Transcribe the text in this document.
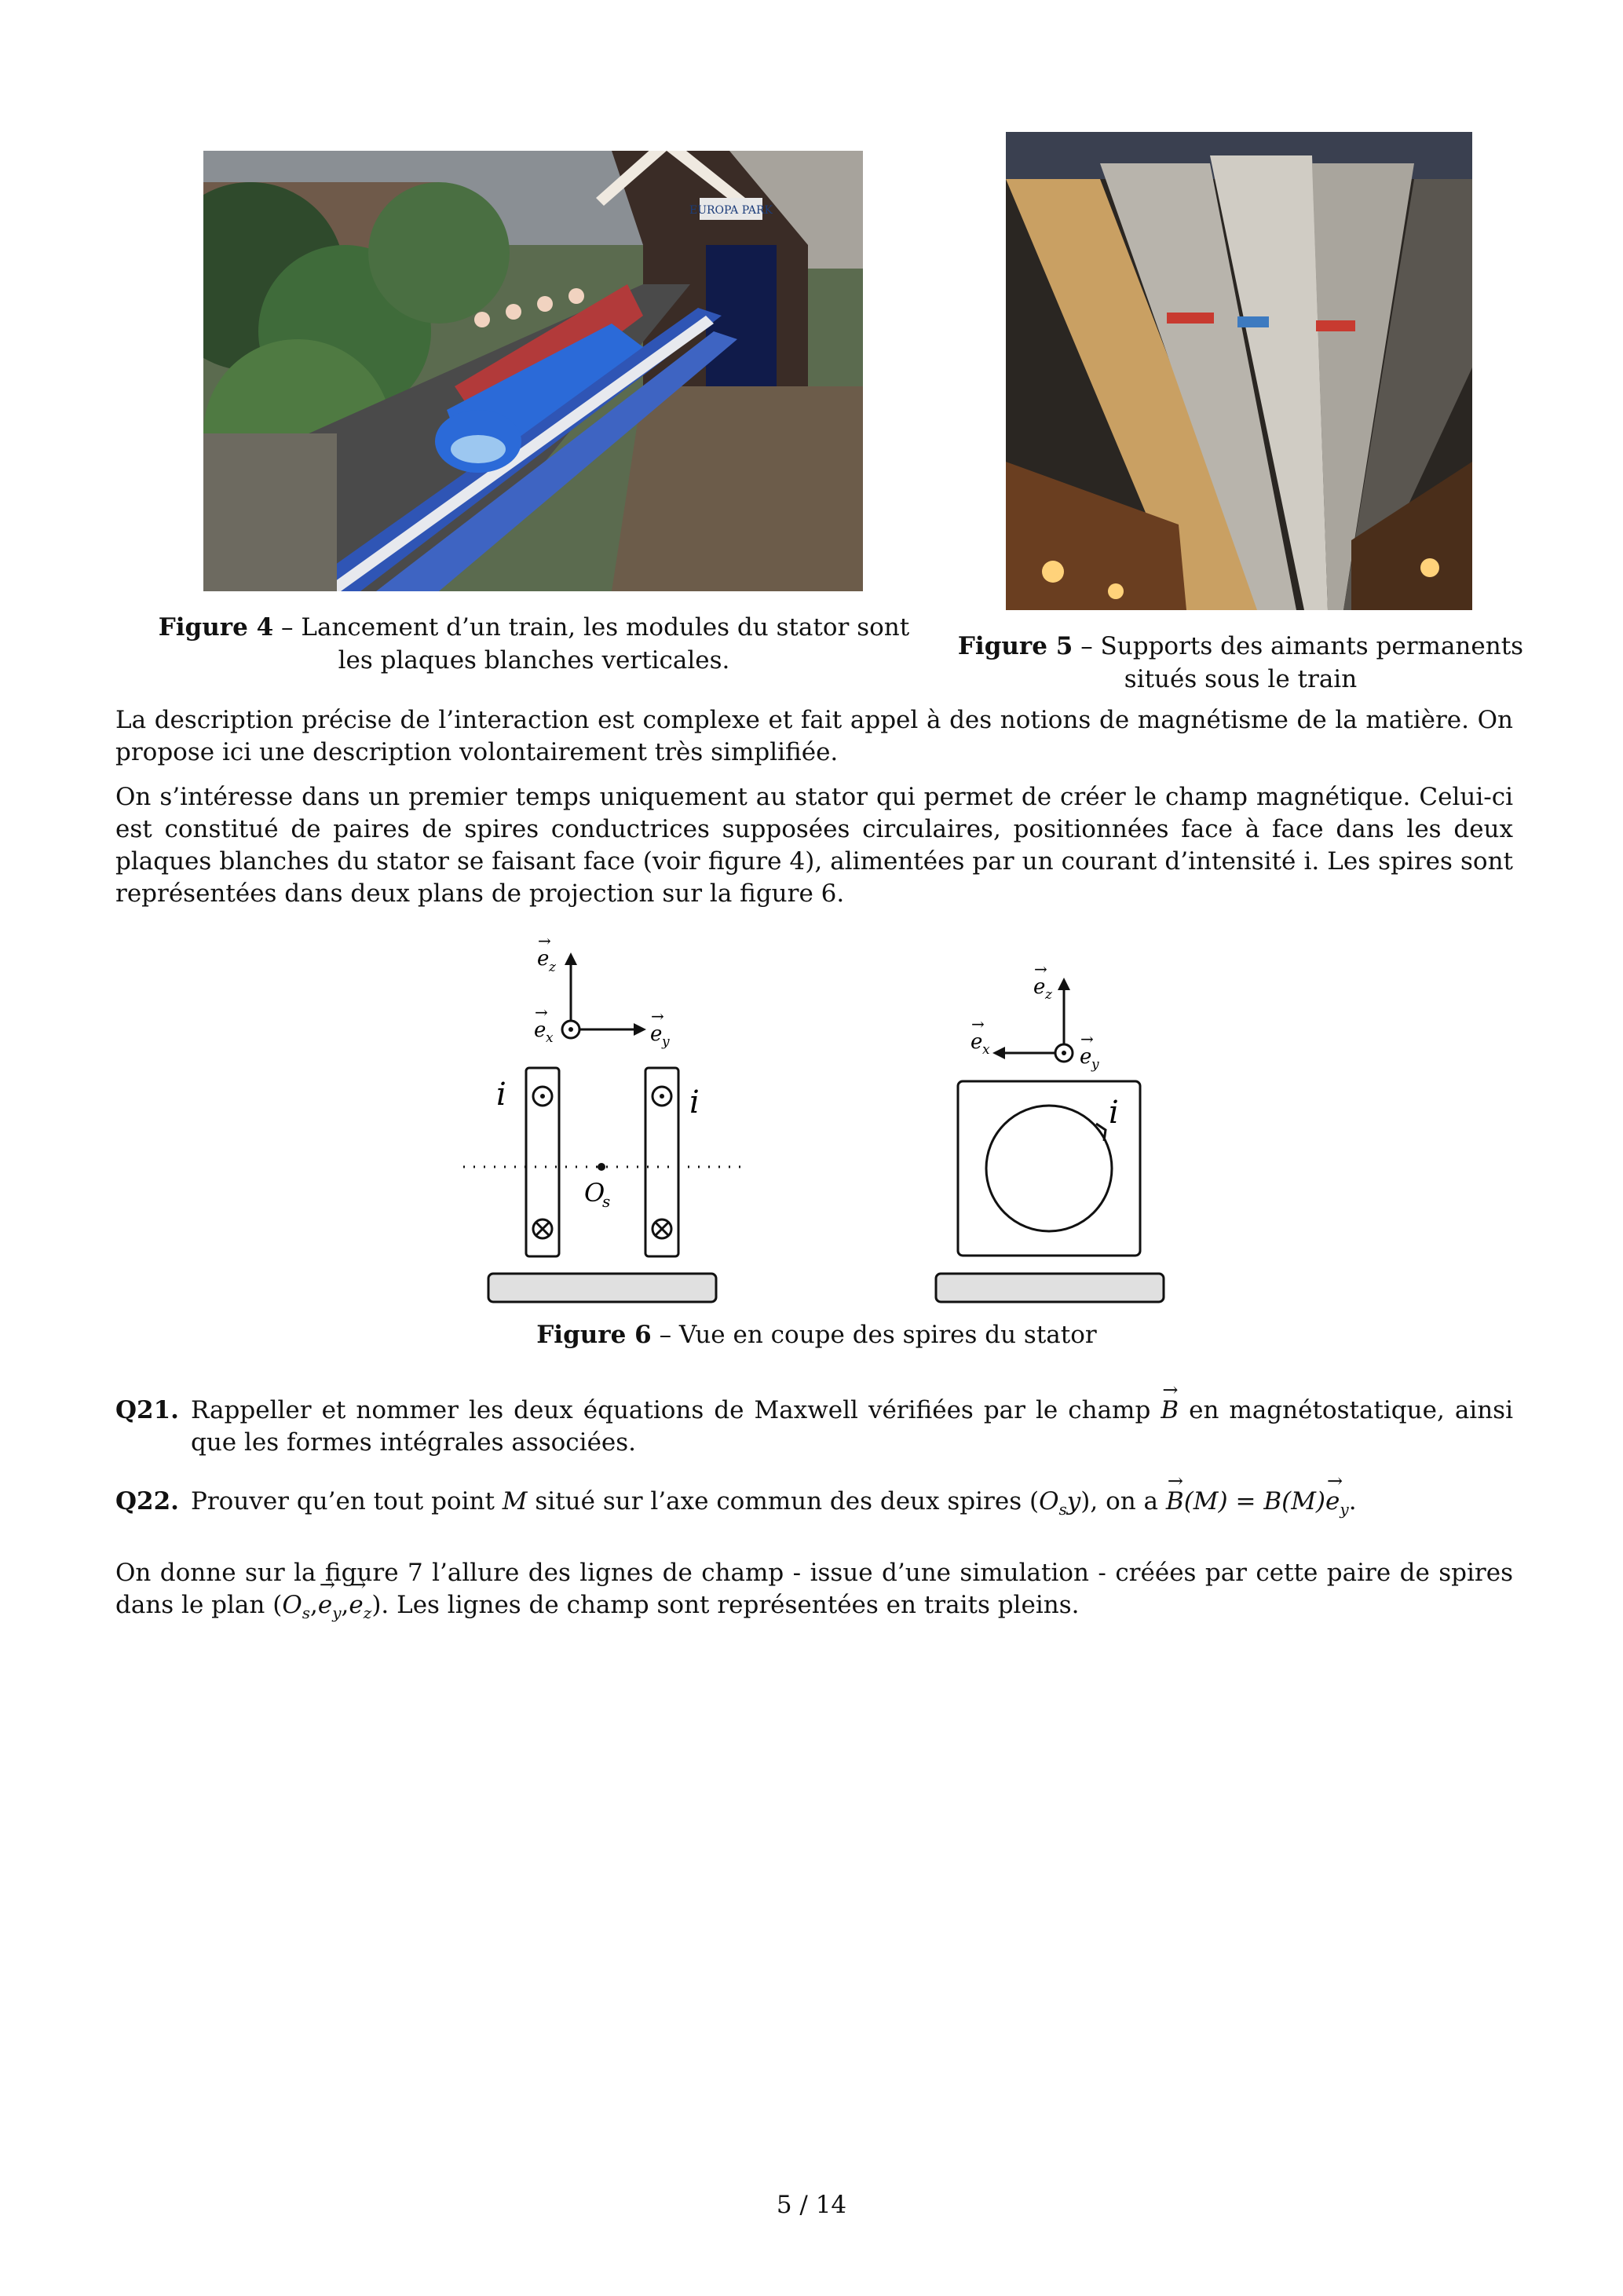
EUROPA PARK
Figure 4 – Lancement d’un train, les modules du stator sont les plaques blanches verticales.	Figure 5 – Supports des aimants permanents situés sous le train
La description précise de l’interaction est complexe et fait appel à des notions de magnétisme de la matière. On propose ici une description volontairement très simplifiée.
On s’intéresse dans un premier temps uniquement au stator qui permet de créer le champ magnétique. Celui-ci est constitué de paires de spires conductrices supposées circulaires, positionnées face à face dans les deux plaques blanches du stator se faisant face (voir figure 4), alimentées par un courant d’intensité i. Les spires sont représentées dans deux plans de projection sur la figure 6.
e z
→
e x
→
e y
→
O
s
i	i
e z
→
e x
→
e y
→
i
Figure 6 – Vue en coupe des spires du stator
Q21. Rappeller et nommer les deux équations de Maxwell vérifiées par le champ → B en magnétostatique, ainsi que les formes intégrales associées.
Q22. Prouver qu’en tout point M situé sur l’axe commun des deux spires $(O_sy)$, on $a \to B(M) = B(M)\to e_y$.
On donne sur la figure 7 l’allure des lignes de champ - issue d’une simulation - créées par cette paire de spires dans le plan $(O_s,\to e_y,\to e_z)$. Les lignes de champ sont représentées en traits pleins.
5 / 14
